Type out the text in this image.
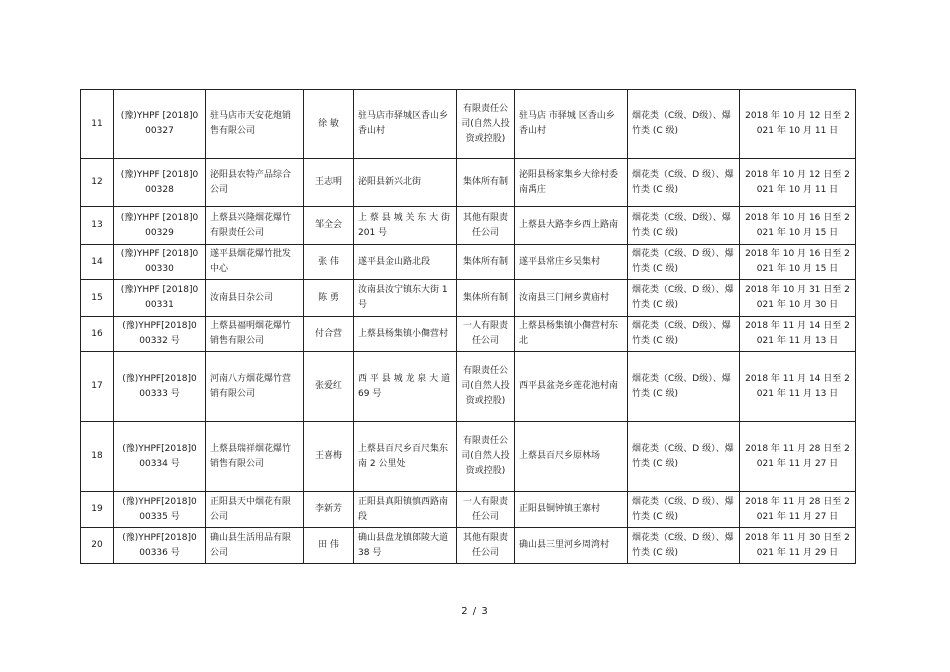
11	(豫)YHPF [2018]000327	驻马店市天安花炮销售有限公司	徐 敏	驻马店市驿城区香山乡香山村	有限责任公司(自然人投资或控股)	驻马店 市驿城 区香山乡香山村	烟花类（C级、D级）、爆竹类 (C 级)	2018 年 10 月 12 日至 2021 年 10 月 11 日
12	(豫)YHPF [2018]000328	泌阳县农特产品综合公司	王志明	泌阳县新兴北街	集体所有制	泌阳县杨家集乡大徐村委南禹庄	烟花类（C级、D 级）、爆竹类 (C 级)	2018 年 10 月 12 日至 2021 年 10 月 11 日
13	(豫)YHPF [2018]000329	上蔡县兴隆烟花爆竹有限责任公司	邹全会	上 蔡 县 城 关 东 大 街 201 号	其他有限责任公司	上蔡县大路李乡西上路南	烟花类（C级、D级）、爆竹类 (C 级)	2018 年 10 月 16 日至 2021 年 10 月 15 日
14	(豫)YHPF [2018]000330	遂平县烟花爆竹批发中心	张 伟	遂平县金山路北段	集体所有制	遂平县常庄乡吴集村	烟花类（C级、D 级）、爆竹类 (C 级)	2018 年 10 月 16 日至 2021 年 10 月 15 日
15	(豫)YHPF [2018]000331	汝南县日杂公司	陈 勇	汝南县汝宁镇东大街 1 号	集体所有制	汝南县三门闸乡黄庙村	烟花类（C级、D 级）、爆竹类 (C 级)	2018 年 10 月 31 日至 2021 年 10 月 30 日
16	(豫)YHPF[2018]0 00332 号	上蔡县福明烟花爆竹销售有限公司	付合营	上蔡县杨集镇小儛营村	一人有限责任公司	上蔡县杨集镇小儛营村东北	烟花类（C级、D级）、爆竹类 (C 级)	2018 年 11 月 14 日至 2021 年 11 月 13 日
17	(豫)YHPF[2018]0 00333 号	河南八方烟花爆竹营销有限公司	张爱红	西 平 县 城 龙 泉 大 道 69 号	有限责任公司(自然人投资或控股)	西平县盆尧乡莲花池村南	烟花类（C级、D级）、爆竹类 (C 级)	2018 年 11 月 14 日至 2021 年 11 月 13 日
18	(豫)YHPF[2018]0 00334 号	上蔡县瑞祥烟花爆竹销售有限公司	王喜梅	上蔡县百尺乡百尺集东南 2 公里处	有限责任公司(自然人投资或控股)	上蔡县百尺乡原林场	烟花类（C级、D 级）、爆竹类 (C 级)	2018 年 11 月 28 日至 2021 年 11 月 27 日
19	(豫)YHPF[2018]0 00335 号	正阳县天中烟花有限公司	李新芳	正阳县真阳镇慎西路南段	一人有限责任公司	正阳县铜钟镇王寨村	烟花类（C级、D 级）、爆竹类 (C 级)	2018 年 11 月 28 日至 2021 年 11 月 27 日
20	(豫)YHPF[2018]0 00336 号	确山县生活用品有限公司	田 伟	确山县盘龙镇郎陵大道 38 号	其他有限责任公司	确山县三里河乡周湾村	烟花类（C级、D 级）、爆竹类 (C 级)	2018 年 11 月 30 日至 2021 年 11 月 29 日
2 / 3
